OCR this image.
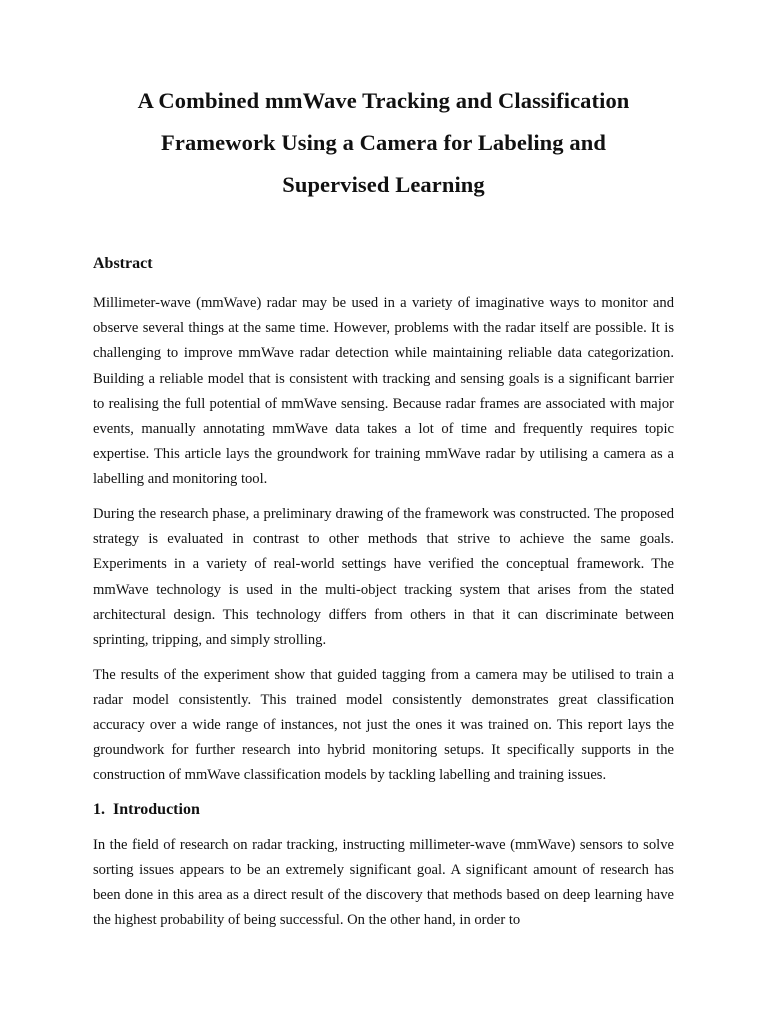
A Combined mmWave Tracking and Classification
Framework Using a Camera for Labeling and
Supervised Learning
Abstract

Millimeter-wave (mmWave) radar may be used in a variety of imaginative ways to monitor and observe several things at the same time. However, problems with the radar itself are possible. It is challenging to improve mmWave radar detection while maintaining reliable data categorization. Building a reliable model that is consistent with tracking and sensing goals is a significant barrier to realising the full potential of mmWave sensing. Because radar frames are associated with major events, manually annotating mmWave data takes a lot of time and frequently requires topic expertise. This article lays the groundwork for training mmWave radar by utilising a camera as a labelling and monitoring tool.

During the research phase, a preliminary drawing of the framework was constructed. The proposed strategy is evaluated in contrast to other methods that strive to achieve the same goals. Experiments in a variety of real-world settings have verified the conceptual framework. The mmWave technology is used in the multi-object tracking system that arises from the stated architectural design. This technology differs from others in that it can discriminate between sprinting, tripping, and simply strolling.

The results of the experiment show that guided tagging from a camera may be utilised to train a radar model consistently. This trained model consistently demonstrates great classification accuracy over a wide range of instances, not just the ones it was trained on. This report lays the groundwork for further research into hybrid monitoring setups. It specifically supports in the construction of mmWave classification models by tackling labelling and training issues.

1. Introduction

In the field of research on radar tracking, instructing millimeter-wave (mmWave) sensors to solve sorting issues appears to be an extremely significant goal. A significant amount of research has been done in this area as a direct result of the discovery that methods based on deep learning have the highest probability of being successful. On the other hand, in order to
